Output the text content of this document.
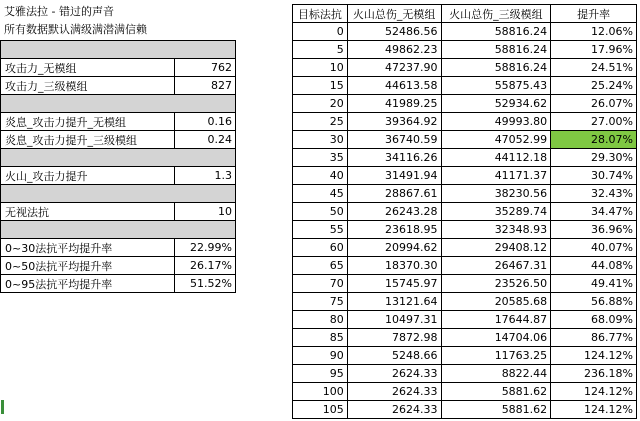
艾雅法拉 - 错过的声音
所有数据默认满级满潜满信赖

攻击力_无模组	762
攻击力_三级模组	827

炎息_攻击力提升_无模组	0.16
炎息_攻击力提升_三级模组	0.24

火山_攻击力提升	1.3

无视法抗	10

0~30法抗平均提升率	22.99%
0~50法抗平均提升率	26.17%
0~95法抗平均提升率	51.52%
目标法抗	火山总伤_无模组	火山总伤_三级模组	提升率
0	52486.56	58816.24	12.06%
5	49862.23	58816.24	17.96%
10	47237.90	58816.24	24.51%
15	44613.58	55875.43	25.24%
20	41989.25	52934.62	26.07%
25	39364.92	49993.80	27.00%
30	36740.59	47052.99	28.07%
35	34116.26	44112.18	29.30%
40	31491.94	41171.37	30.74%
45	28867.61	38230.56	32.43%
50	26243.28	35289.74	34.47%
55	23618.95	32348.93	36.96%
60	20994.62	29408.12	40.07%
65	18370.30	26467.31	44.08%
70	15745.97	23526.50	49.41%
75	13121.64	20585.68	56.88%
80	10497.31	17644.87	68.09%
85	7872.98	14704.06	86.77%
90	5248.66	11763.25	124.12%
95	2624.33	8822.44	236.18%
100	2624.33	5881.62	124.12%
105	2624.33	5881.62	124.12%
